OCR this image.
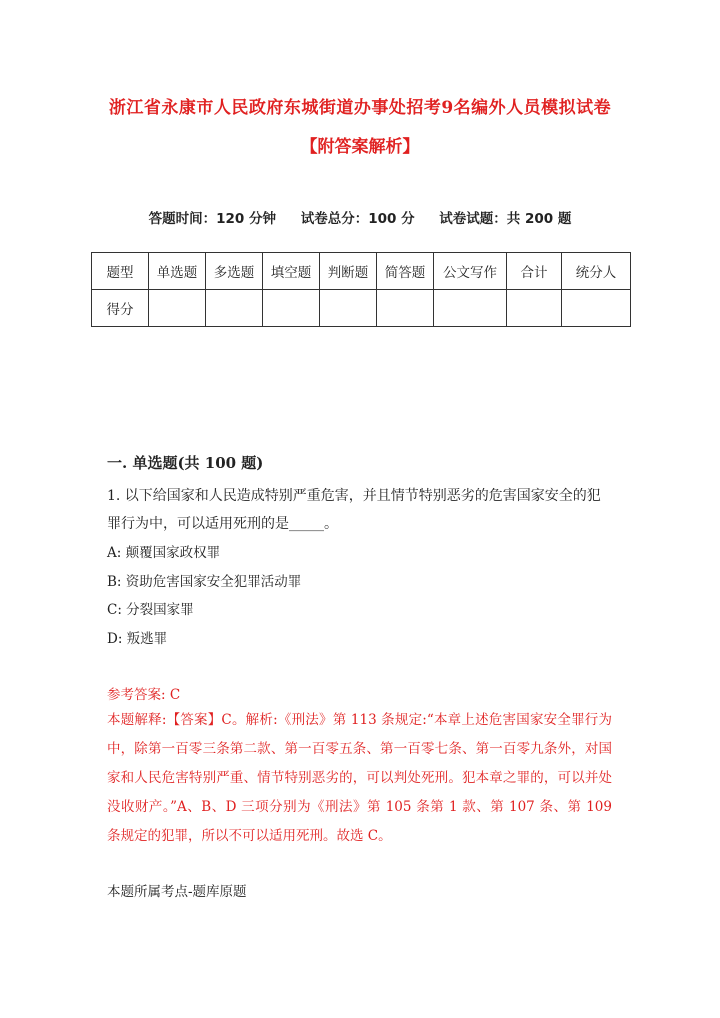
浙江省永康市人民政府东城街道办事处招考9名编外人员模拟试卷
【附答案解析】
答题时间：120 分钟 试卷总分：100 分 试卷试题：共 200 题
题型	单选题	多选题	填空题	判断题	简答题	公文写作	合计	统分人
得分								
一. 单选题(共 100 题)
1. 以下给国家和人民造成特别严重危害，并且情节特别恶劣的危害国家安全的犯罪行为中，可以适用死刑的是_____。
A: 颠覆国家政权罪
B: 资助危害国家安全犯罪活动罪
C: 分裂国家罪
D: 叛逃罪
参考答案: C
本题解释:【答案】C。解析:《刑法》第 113 条规定:“本章上述危害国家安全罪行为中，除第一百零三条第二款、第一百零五条、第一百零七条、第一百零九条外，对国家和人民危害特别严重、情节特别恶劣的，可以判处死刑。犯本章之罪的，可以并处没收财产。”A、B、D 三项分别为《刑法》第 105 条第 1 款、第 107 条、第 109 条规定的犯罪，所以不可以适用死刑。故选 C。
本题所属考点-题库原题
